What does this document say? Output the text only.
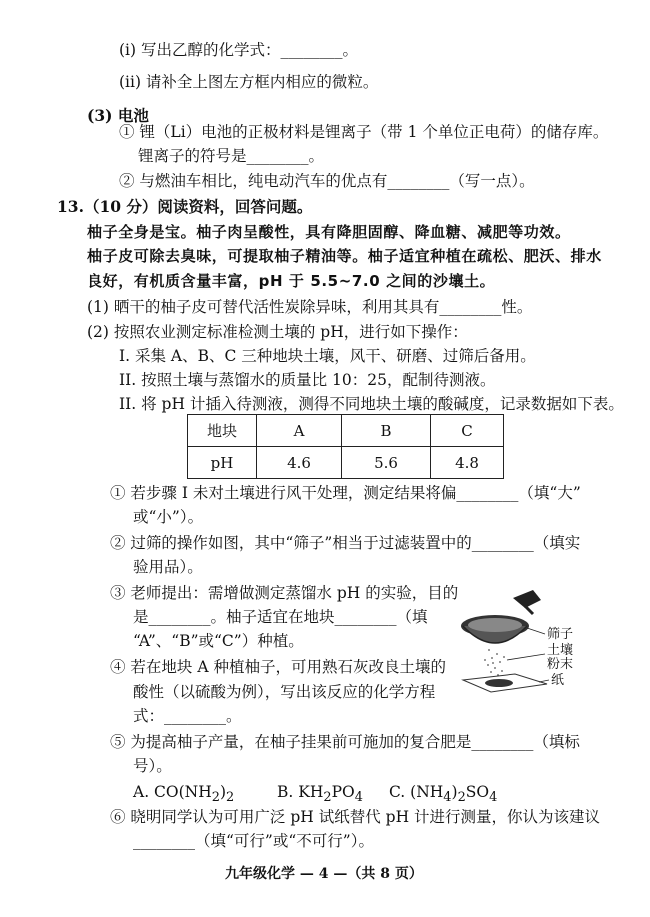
(i) 写出乙醇的化学式：________。
(ii) 请补全上图左方框内相应的微粒。
(3) 电池
① 锂（Li）电池的正极材料是锂离子（带 1 个单位正电荷）的储存库。
锂离子的符号是________。
② 与燃油车相比，纯电动汽车的优点有________（写一点）。
13.（10 分）阅读资料，回答问题。
柚子全身是宝。柚子肉呈酸性，具有降胆固醇、降血糖、减肥等功效。
柚子皮可除去臭味，可提取柚子精油等。柚子适宜种植在疏松、肥沃、排水
良好，有机质含量丰富，pH 于 5.5~7.0 之间的沙壤土。
(1) 晒干的柚子皮可替代活性炭除异味，利用其具有________性。
(2) 按照农业测定标准检测土壤的 pH，进行如下操作：
I. 采集 A、B、C 三种地块土壤，风干、研磨、过筛后备用。
II. 按照土壤与蒸馏水的质量比 10：25，配制待测液。
II. 将 pH 计插入待测液，测得不同地块土壤的酸碱度，记录数据如下表。
地块	A	B	C
pH	4.6	5.6	4.8
① 若步骤 I 未对土壤进行风干处理，测定结果将偏________（填“大”
或“小”）。
② 过筛的操作如图，其中“筛子”相当于过滤装置中的________（填实
验用品）。
③ 老师提出：需增做测定蒸馏水 pH 的实验，目的
是________。柚子适宜在地块________（填
“A”、“B”或“C”）种植。
④ 若在地块 A 种植柚子，可用熟石灰改良土壤的
酸性（以硫酸为例），写出该反应的化学方程
式：________。
⑤ 为提高柚子产量，在柚子挂果前可施加的复合肥是________（填标
号）。
A. $CO(NH_2)_2$	B. $KH_2PO_4$ C. $(NH_4)_2SO_4$
⑥ 晓明同学认为可用广泛 pH 试纸替代 pH 计进行测量，你认为该建议
________（填“可行”或“不可行”）。
九年级化学 — 4 —（共 8 页）
筛子
土壤
粉末
纸
